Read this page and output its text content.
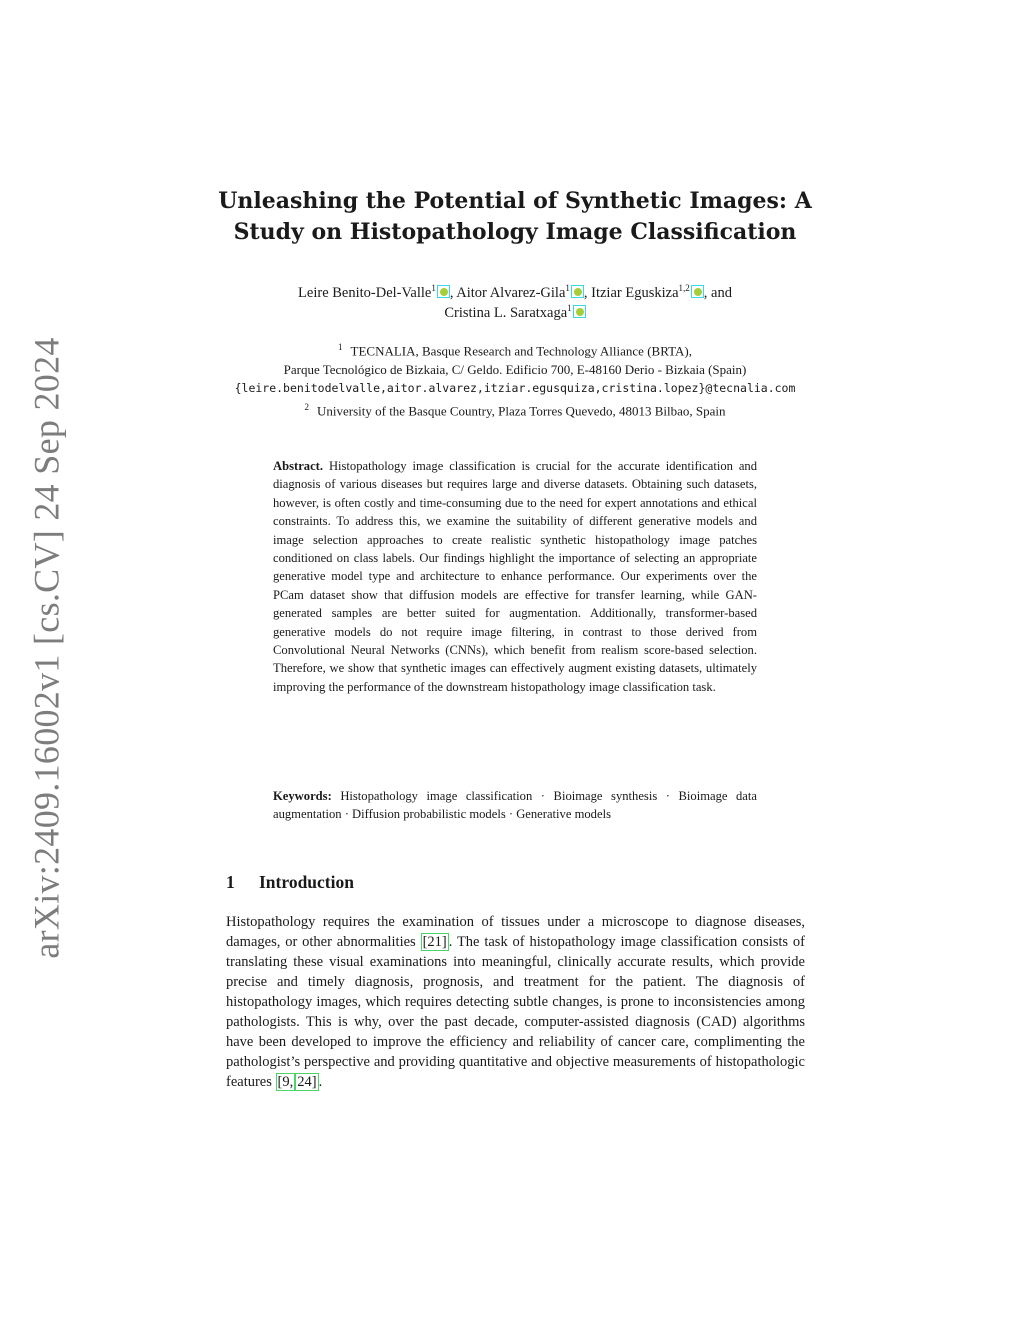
arXiv:2409.16002v1 [cs.CV] 24 Sep 2024
Unleashing the Potential of Synthetic Images: A Study on Histopathology Image Classification
Leire Benito-Del-Valle$^1$ , Aitor Alvarez-Gila$^1$ , Itziar Eguskiza$^{1,2}$ , and
Cristina L. Saratxaga$^1$
$^1$ TECNALIA, Basque Research and Technology Alliance (BRTA),
Parque Tecnológico de Bizkaia, C/ Geldo. Edificio 700, E-48160 Derio - Bizkaia (Spain)
{leire.benitodelvalle,aitor.alvarez,itziar.egusquiza,cristina.lopez}@tecnalia.com
$^2$ University of the Basque Country, Plaza Torres Quevedo, 48013 Bilbao, Spain

Abstract. Histopathology image classification is crucial for the accurate identification and diagnosis of various diseases but requires large and diverse datasets. Obtaining such datasets, however, is often costly and time-consuming due to the need for expert annotations and ethical constraints. To address this, we examine the suitability of different generative models and image selection approaches to create realistic synthetic histopathology image patches conditioned on class labels. Our findings highlight the importance of selecting an appropriate generative model type and architecture to enhance performance. Our experiments over the PCam dataset show that diffusion models are effective for transfer learning, while GAN-generated samples are better suited for augmentation. Additionally, transformer-based generative models do not require image filtering, in contrast to those derived from Convolutional Neural Networks (CNNs), which benefit from realism score-based selection. Therefore, we show that synthetic images can effectively augment existing datasets, ultimately improving the performance of the downstream histopathology image classification task.

Keywords: Histopathology image classification · Bioimage synthesis · Bioimage data augmentation · Diffusion probabilistic models · Generative models

1 Introduction

Histopathology requires the examination of tissues under a microscope to diagnose diseases, damages, or other abnormalities [21] . The task of histopathology image classification consists of translating these visual examinations into meaningful, clinically accurate results, which provide precise and timely diagnosis, prognosis, and treatment for the patient. The diagnosis of histopathology images, which requires detecting subtle changes, is prone to inconsistencies among pathologists. This is why, over the past decade, computer-assisted diagnosis (CAD) algorithms have been developed to improve the efficiency and reliability of cancer care, complimenting the pathologist’s perspective and providing quantitative and objective measurements of histopathologic features [9, 24] .
